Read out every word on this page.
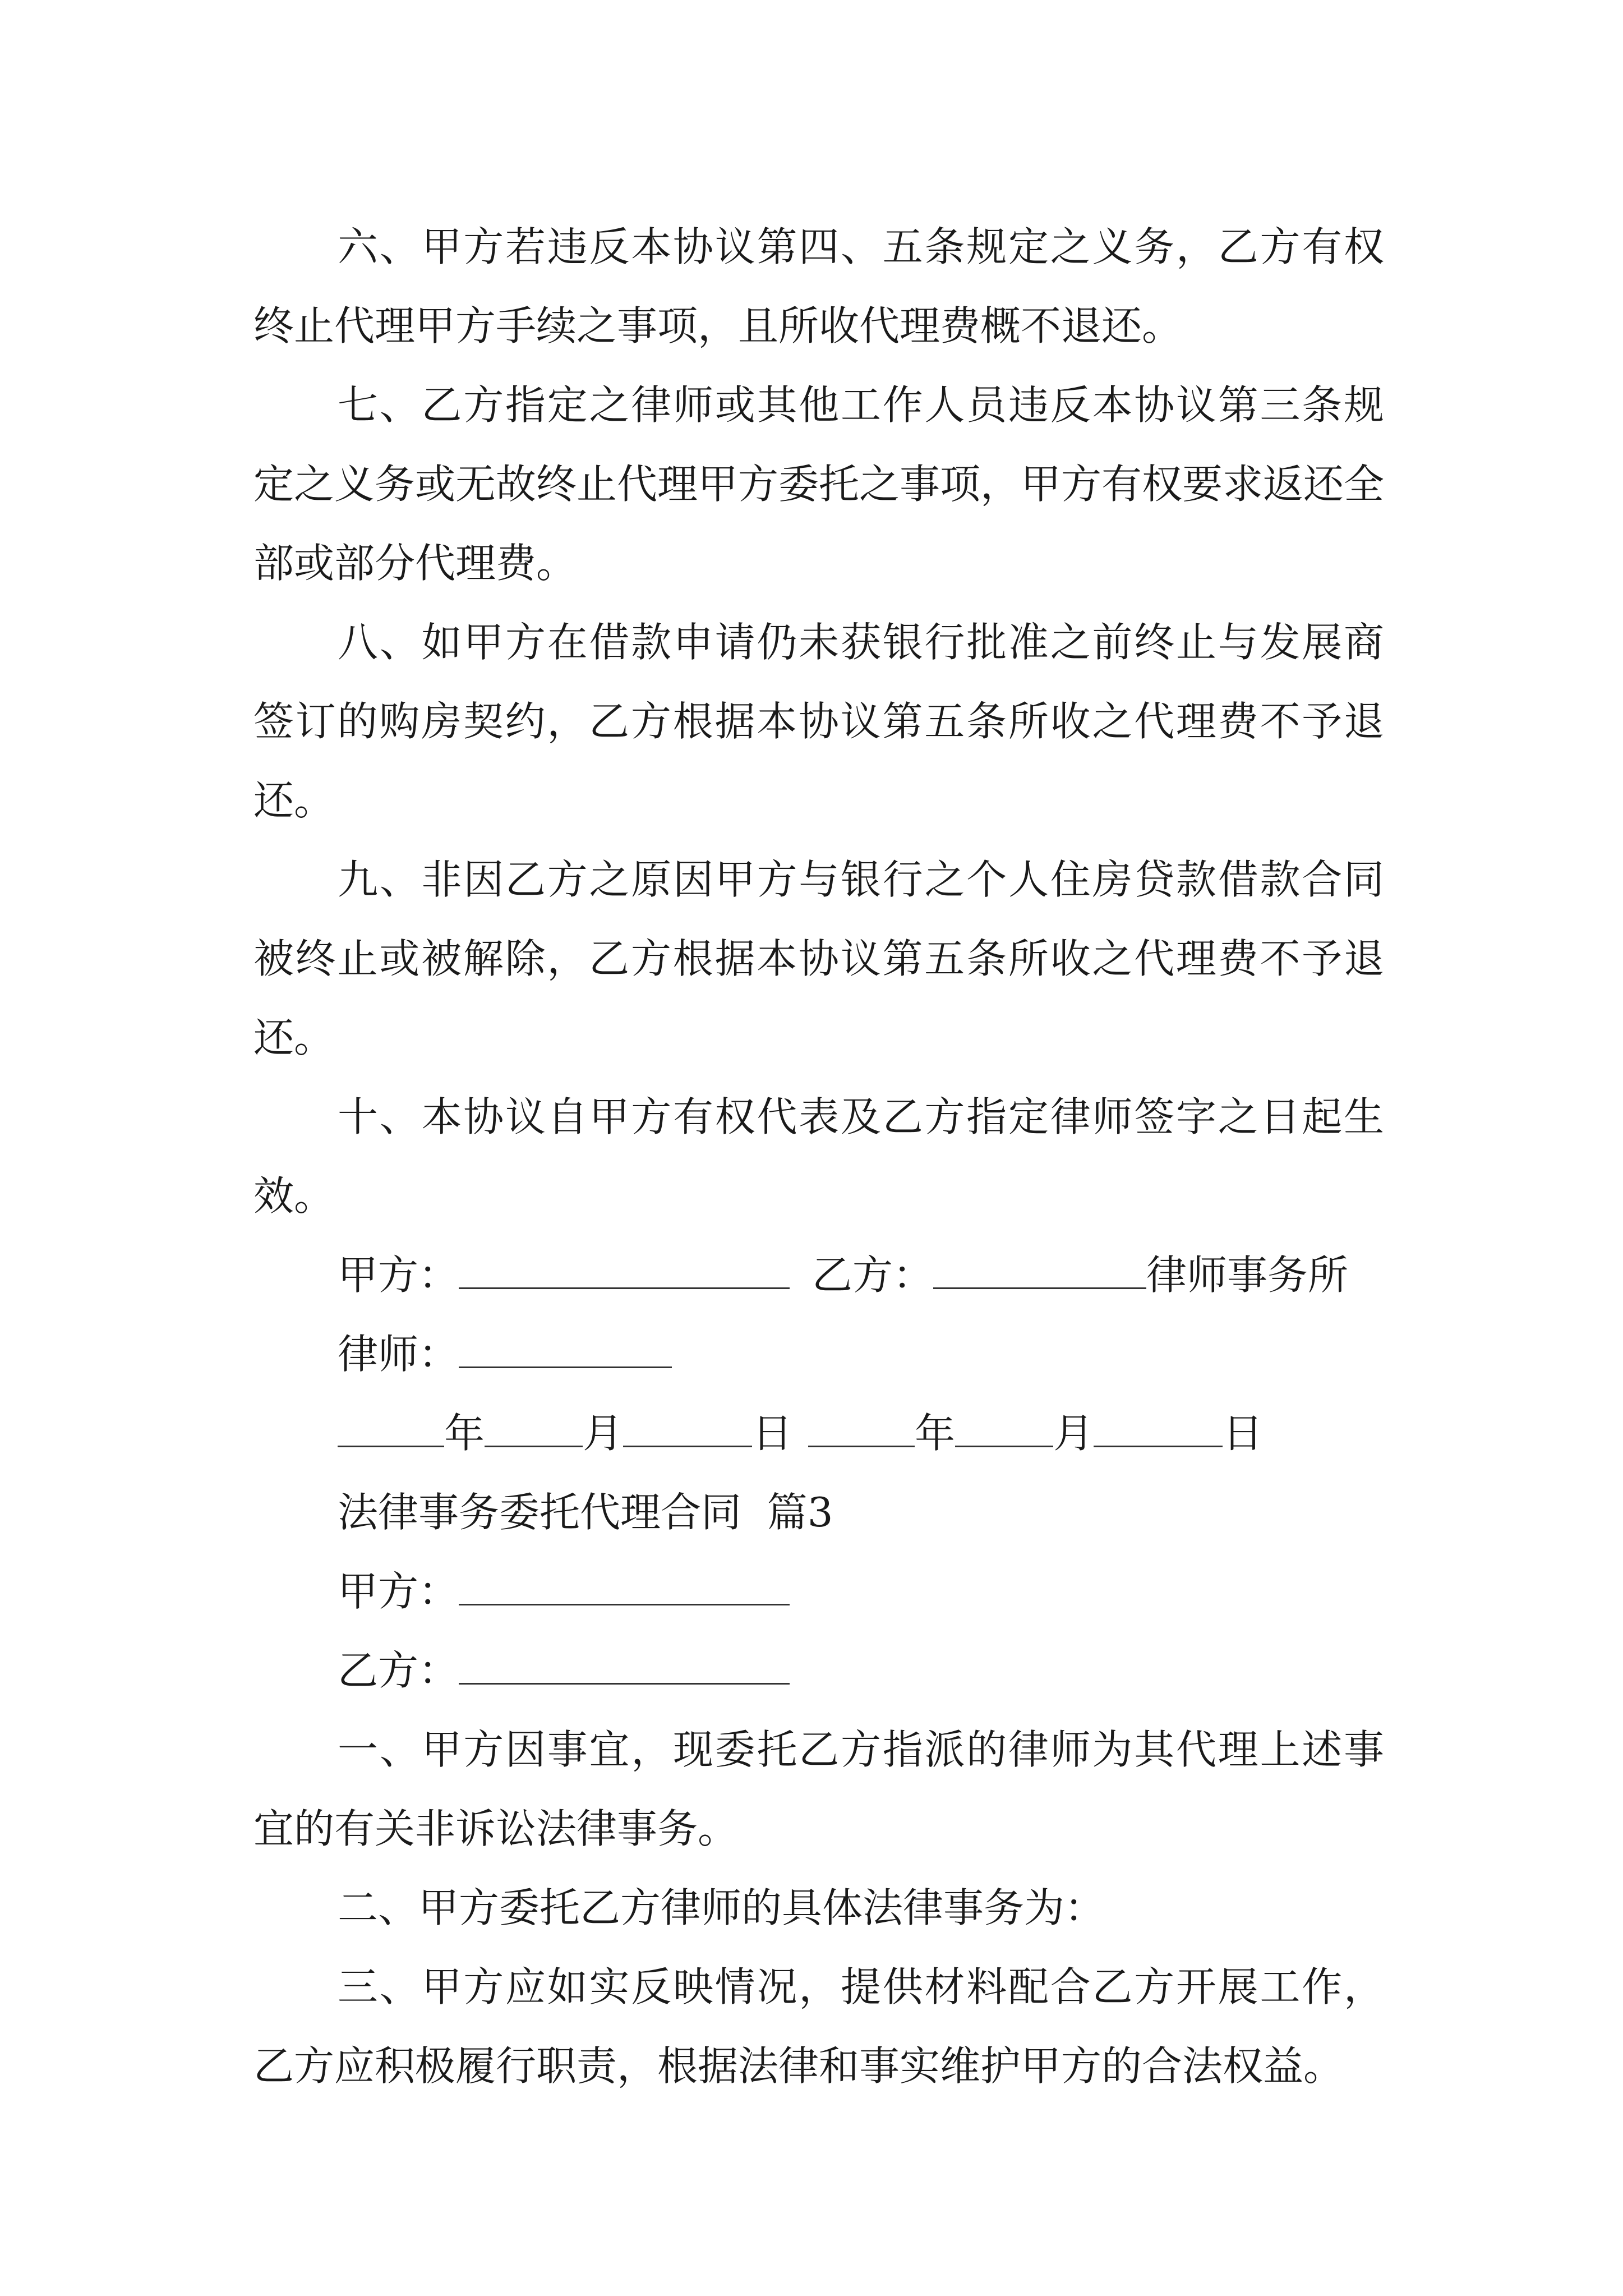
六、甲方若违反本协议第四、五条规定之义务，乙方有权终止代理甲方手续之事项，且所收代理费概不退还。

七、乙方指定之律师或其他工作人员违反本协议第三条规定之义务或无故终止代理甲方委托之事项，甲方有权要求返还全部或部分代理费。

八、如甲方在借款申请仍未获银行批准之前终止与发展商签订的购房契约，乙方根据本协议第五条所收之代理费不予退还。

九、非因乙方之原因甲方与银行之个人住房贷款借款合同被终止或被解除，乙方根据本协议第五条所收之代理费不予退还。

十、本协议自甲方有权代表及乙方指定律师签字之日起生效。

甲方：	乙方：	律师事务所
律师：
年 月	日	年 月	日
法律事务委托代理合同  篇3
甲方：
乙方：

一、甲方因事宜，现委托乙方指派的律师为其代理上述事宜的有关非诉讼法律事务。

二、甲方委托乙方律师的具体法律事务为：

三、甲方应如实反映情况，提供材料配合乙方开展工作，乙方应积极履行职责，根据法律和事实维护甲方的合法权益。
